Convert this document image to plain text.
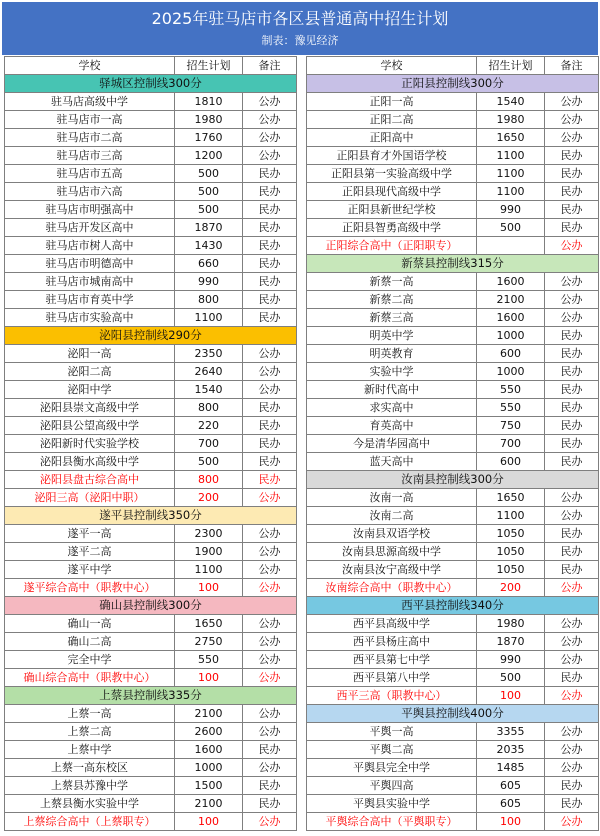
2025年驻马店市各区县普通高中招生计划
制表：豫见经济
学校	招生计划	备注
驿城区控制线300分		
驻马店高级中学	1810	公办
驻马店市一高	1980	公办
驻马店市二高	1760	公办
驻马店市三高	1200	公办
驻马店市五高	500	民办
驻马店市六高	500	民办
驻马店市明强高中	500	民办
驻马店开发区高中	1870	民办
驻马店市树人高中	1430	民办
驻马店市明德高中	660	民办
驻马店市城南高中	990	民办
驻马店市育英中学	800	民办
驻马店市实验高中	1100	民办
泌阳县控制线290分		
泌阳一高	2350	公办
泌阳二高	2640	公办
泌阳中学	1540	公办
泌阳县崇文高级中学	800	民办
泌阳县公望高级中学	220	民办
泌阳新时代实验学校	700	民办
泌阳县衡水高级中学	500	民办
泌阳县盘古综合高中	800	民办
泌阳三高（泌阳中职）	200	公办
遂平县控制线350分		
遂平一高	2300	公办
遂平二高	1900	公办
遂平中学	1100	公办
遂平综合高中（职教中心）	100	公办
确山县控制线300分		
确山一高	1650	公办
确山二高	2750	公办
完全中学	550	公办
确山综合高中（职教中心）	100	公办
上蔡县控制线335分		
上蔡一高	2100	公办
上蔡二高	2600	公办
上蔡中学	1600	民办
上蔡一高东校区	1000	公办
上蔡县苏豫中学	1500	民办
上蔡县衡水实验中学	2100	民办
上蔡综合高中（上蔡职专）	100	公办
学校	招生计划	备注
正阳县控制线300分		
正阳一高	1540	公办
正阳二高	1980	公办
正阳高中	1650	公办
正阳县育才外国语学校	1100	民办
正阳县第一实验高级中学	1100	民办
正阳县现代高级中学	1100	民办
正阳县新世纪学校	990	民办
正阳县智勇高级中学	500	民办
正阳综合高中（正阳职专）		公办
新蔡县控制线315分		
新蔡一高	1600	公办
新蔡二高	2100	公办
新蔡三高	1600	公办
明英中学	1000	民办
明英教育	600	民办
实验中学	1000	民办
新时代高中	550	民办
求实高中	550	民办
育英高中	750	民办
今是清华园高中	700	民办
蓝天高中	600	民办
汝南县控制线300分		
汝南一高	1650	公办
汝南二高	1100	公办
汝南县双语学校	1050	民办
汝南县思源高级中学	1050	民办
汝南县汝宁高级中学	1050	民办
汝南综合高中（职教中心）	200	公办
西平县控制线340分		
西平县高级中学	1980	公办
西平县杨庄高中	1870	公办
西平县第七中学	990	公办
西平县第八中学	500	民办
西平三高（职教中心）	100	公办
平舆县控制线400分		
平舆一高	3355	公办
平舆二高	2035	公办
平舆县完全中学	1485	公办
平舆四高	605	民办
平舆县实验中学	605	民办
平舆综合高中（平舆职专）	100	公办
